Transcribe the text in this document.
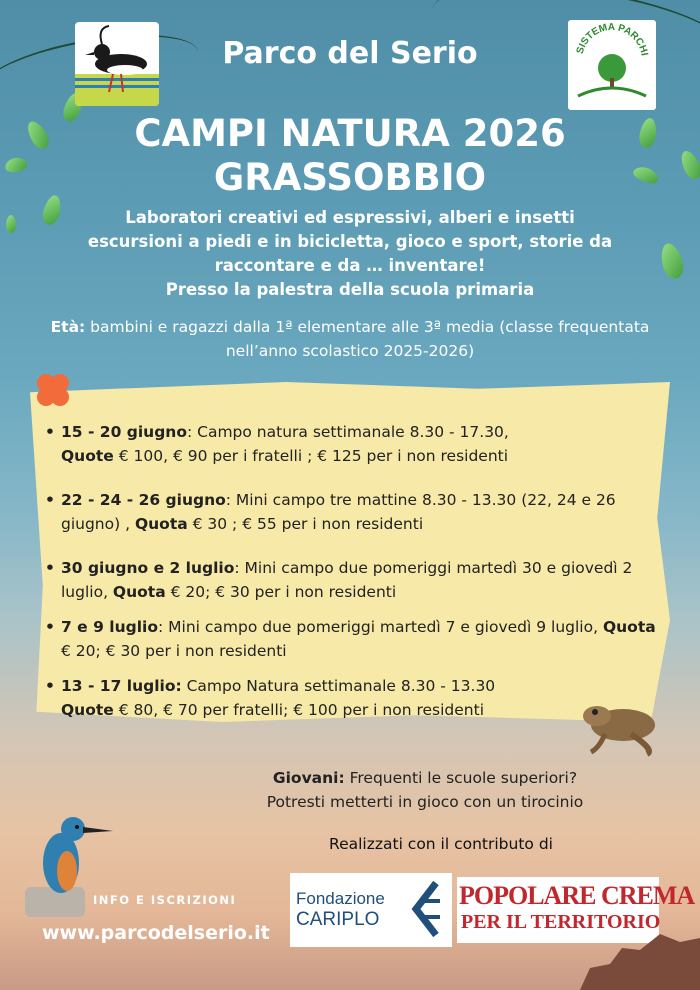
SISTEMA PARCHI
Parco del Serio
CAMPI NATURA 2026
GRASSOBBIO
Laboratori creativi ed espressivi, alberi e insetti
escursioni a piedi e in bicicletta, gioco e sport, storie da
raccontare e da … inventare!
Presso la palestra della scuola primaria
Età: bambini e ragazzi dalla 1ª elementare alle 3ª media (classe frequentata
nell’anno scolastico 2025-2026)
• 15 - 20 giugno: Campo natura settimanale 8.30 - 17.30,
Quote € 100, € 90 per i fratelli ; € 125 per i non residenti
• 22 - 24 - 26 giugno: Mini campo tre mattine 8.30 - 13.30 (22, 24 e 26 giugno) , Quota € 30 ; € 55 per i non residenti
• 30 giugno e 2 luglio: Mini campo due pomeriggi martedì 30 e giovedì 2 luglio, Quota € 20; € 30 per i non residenti
• 7 e 9 luglio: Mini campo due pomeriggi martedì 7 e giovedì 9 luglio, Quota € 20; € 30 per i non residenti
• 13 - 17 luglio: Campo Natura settimanale 8.30 - 13.30
Quote € 80, € 70 per fratelli; € 100 per i non residenti
Giovani: Frequenti le scuole superiori?
Potresti metterti in gioco con un tirocinio
Realizzati con il contributo di
INFO E ISCRIZIONI
www.parcodelserio.it
Fondazione
CARIPLO
POPOLARE CREMA
PER IL TERRITORIO
